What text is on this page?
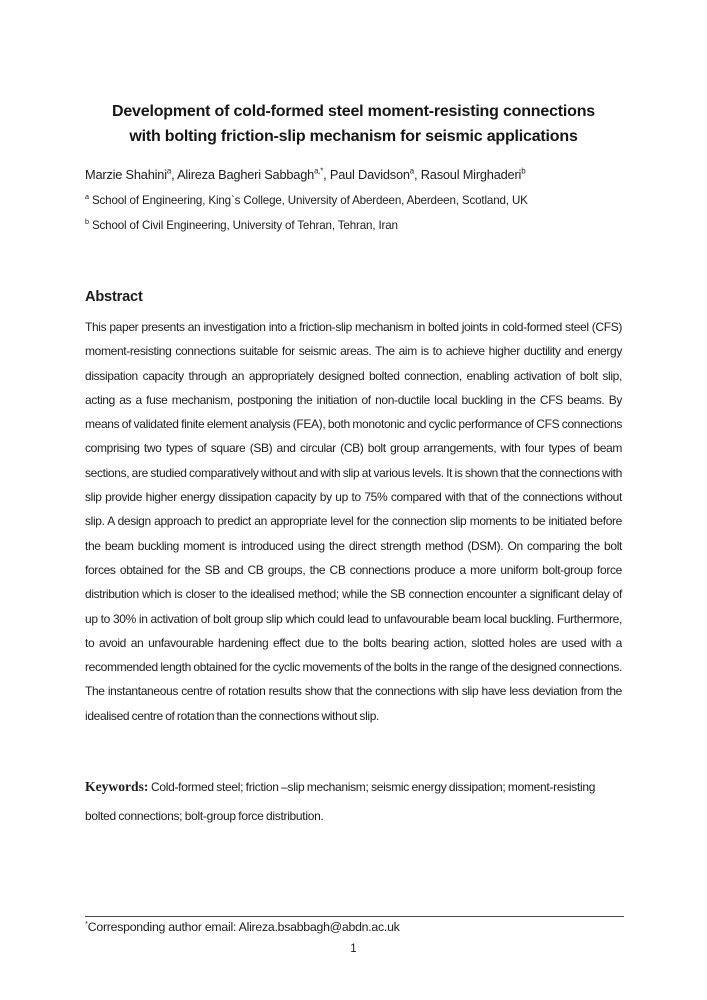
Development of cold-formed steel moment-resisting connections
with bolting friction-slip mechanism for seismic applications

Marzie Shahini$^a$, Alireza Bagheri Sabbagh$^{a,*}$, Paul Davidson$^a$, Rasoul Mirghaderi$^b$

$^a$ School of Engineering, King`s College, University of Aberdeen, Aberdeen, Scotland, UK

$^b$ School of Civil Engineering, University of Tehran, Tehran, Iran

Abstract

This paper presents an investigation into a friction-slip mechanism in bolted joints in cold-formed steel (CFS) moment-resisting connections suitable for seismic areas. The aim is to achieve higher ductility and energy dissipation capacity through an appropriately designed bolted connection, enabling activation of bolt slip, acting as a fuse mechanism, postponing the initiation of non-ductile local buckling in the CFS beams. By means of validated finite element analysis (FEA), both monotonic and cyclic performance of CFS connections comprising two types of square (SB) and circular (CB) bolt group arrangements, with four types of beam sections, are studied comparatively without and with slip at various levels. It is shown that the connections with slip provide higher energy dissipation capacity by up to 75% compared with that of the connections without slip. A design approach to predict an appropriate level for the connection slip moments to be initiated before the beam buckling moment is introduced using the direct strength method (DSM). On comparing the bolt forces obtained for the SB and CB groups, the CB connections produce a more uniform bolt-group force distribution which is closer to the idealised method; while the SB connection encounter a significant delay of up to 30% in activation of bolt group slip which could lead to unfavourable beam local buckling. Furthermore, to avoid an unfavourable hardening effect due to the bolts bearing action, slotted holes are used with a recommended length obtained for the cyclic movements of the bolts in the range of the designed connections. The instantaneous centre of rotation results show that the connections with slip have less deviation from the idealised centre of rotation than the connections without slip.

Keywords: Cold-formed steel; friction –slip mechanism; seismic energy dissipation; moment-resisting bolted connections; bolt-group force distribution.

*Corresponding author email: Alireza.bsabbagh@abdn.ac.uk
1
